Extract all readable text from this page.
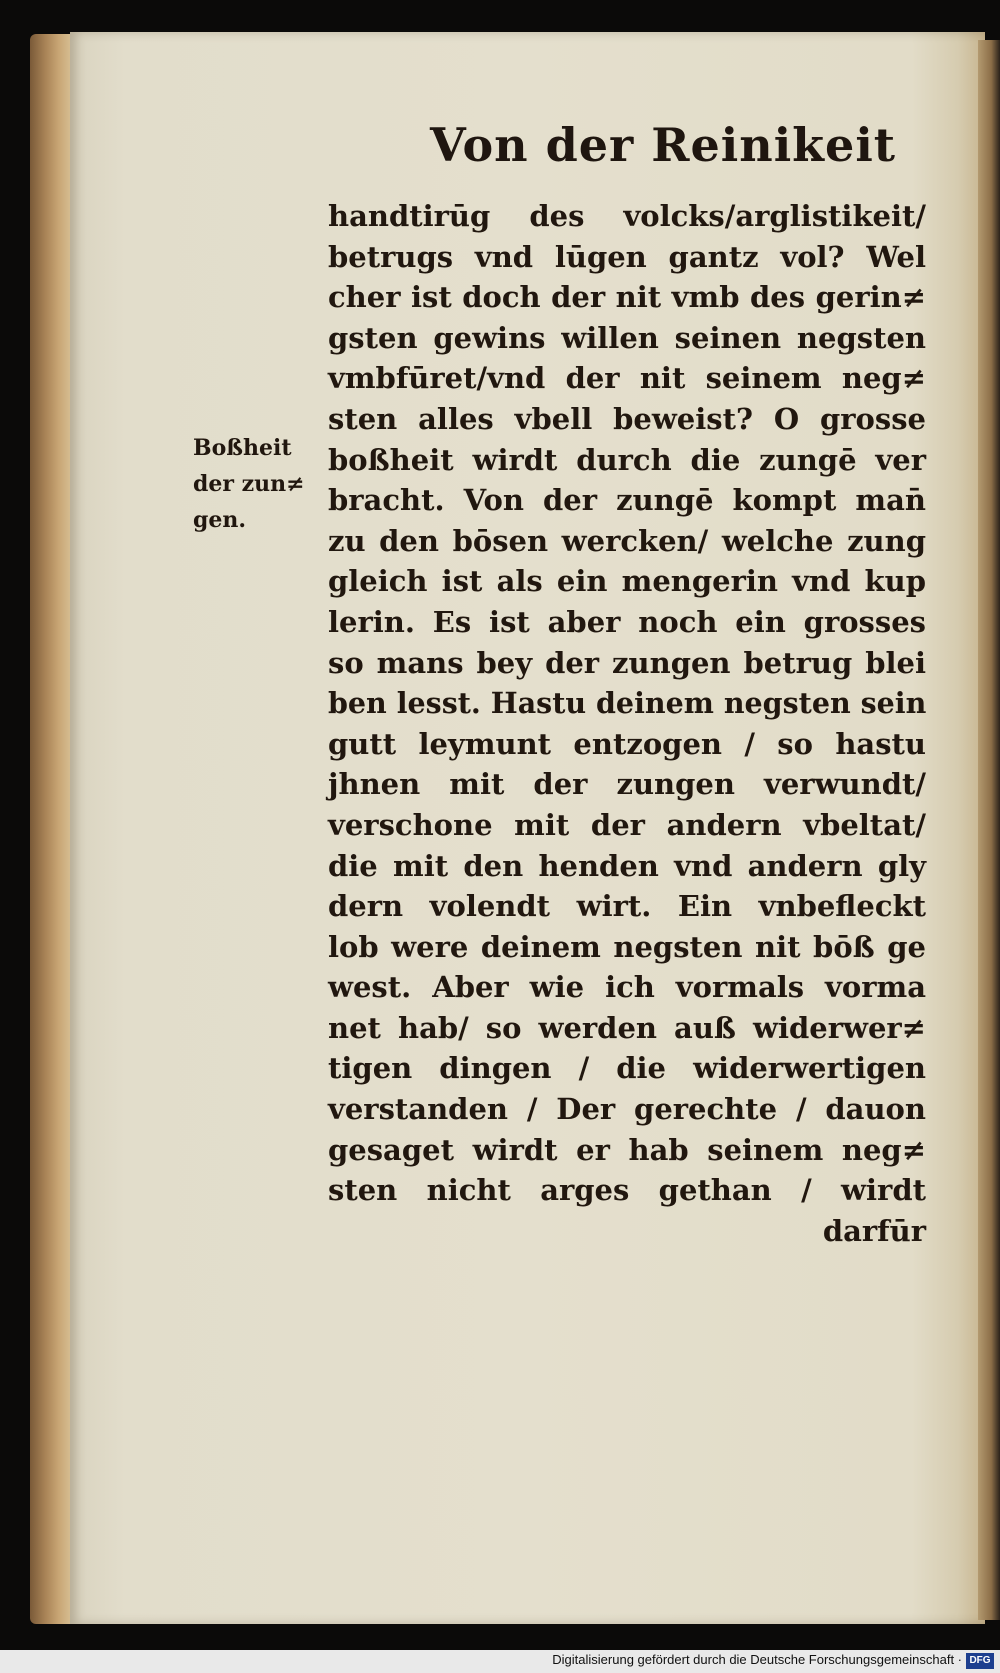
Von der Reinikeit
Boßheit
der zun≠
gen.
handtirūg des volcks/arglistikeit/
betrugs vnd lūgen gantz vol? Wel
cher ist doch der nit vmb des gerin≠
gsten gewins willen seinen negsten
vmbfūret/vnd der nit seinem neg≠
sten alles vbell beweist? O grosse
boßheit wirdt durch die zungē ver
bracht. Von der zungē kompt man̄
zu den bōsen wercken/ welche zung
gleich ist als ein mengerin vnd kup
lerin. Es ist aber noch ein grosses
so mans bey der zungen betrug blei
ben lesst. Hastu deinem negsten sein
gutt leymunt entzogen / so hastu
jhnen mit der zungen verwundt/
verschone mit der andern vbeltat/
die mit den henden vnd andern gly
dern volendt wirt. Ein vnbefleckt
lob were deinem negsten nit bōß ge
west. Aber wie ich vormals vorma
net hab/ so werden auß widerwer≠
tigen dingen / die widerwertigen
verstanden / Der gerechte / dauon
gesaget wirdt er hab seinem neg≠
sten nicht arges gethan / wirdt
darfūr
Digitalisierung gefördert durch die Deutsche Forschungsgemeinschaft · DFG
